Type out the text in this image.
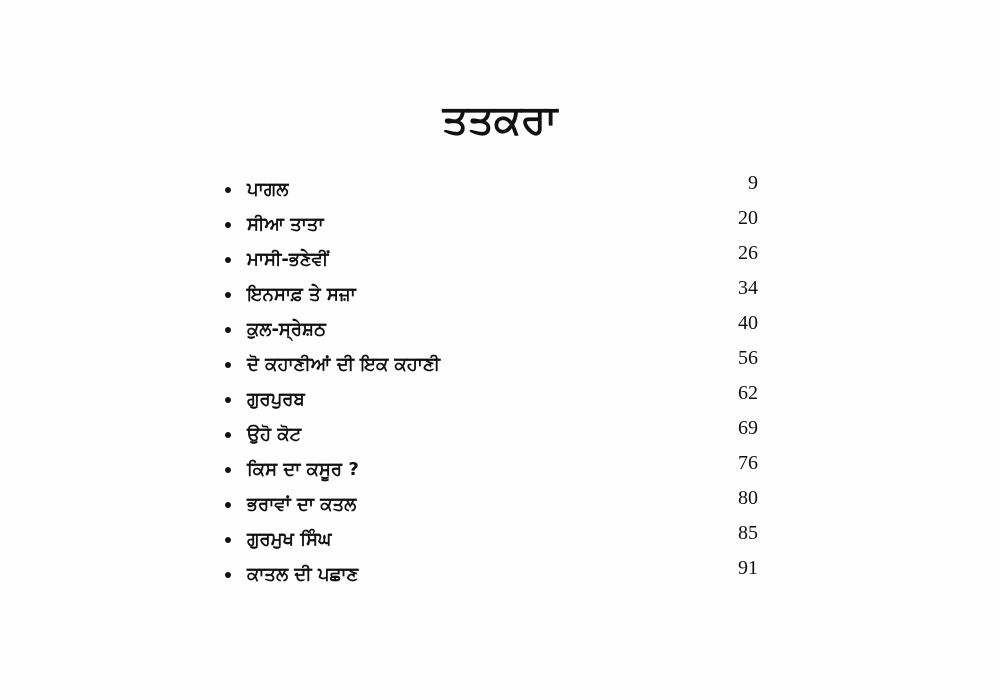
ਤਤਕਰਾ
ਪਾਗਲ	9
ਸੀਆ ਤਾਤਾ	20
ਮਾਸੀ-ਭਣੇਵੀਂ	26
ਇਨਸਾਫ਼ ਤੇ ਸਜ਼ਾ	34
ਕੁਲ-ਸ੍ਰੇਸ਼ਠ	40
ਦੋ ਕਹਾਣੀਆਂ ਦੀ ਇਕ ਕਹਾਣੀ	56
ਗੁਰਪੁਰਬ	62
ਉਹੋ ਕੋਟ	69
ਕਿਸ ਦਾ ਕਸੂਰ ?	76
ਭਰਾਵਾਂ ਦਾ ਕਤਲ	80
ਗੁਰਮੁਖ ਸਿੰਘ	85
ਕਾਤਲ ਦੀ ਪਛਾਣ	91
